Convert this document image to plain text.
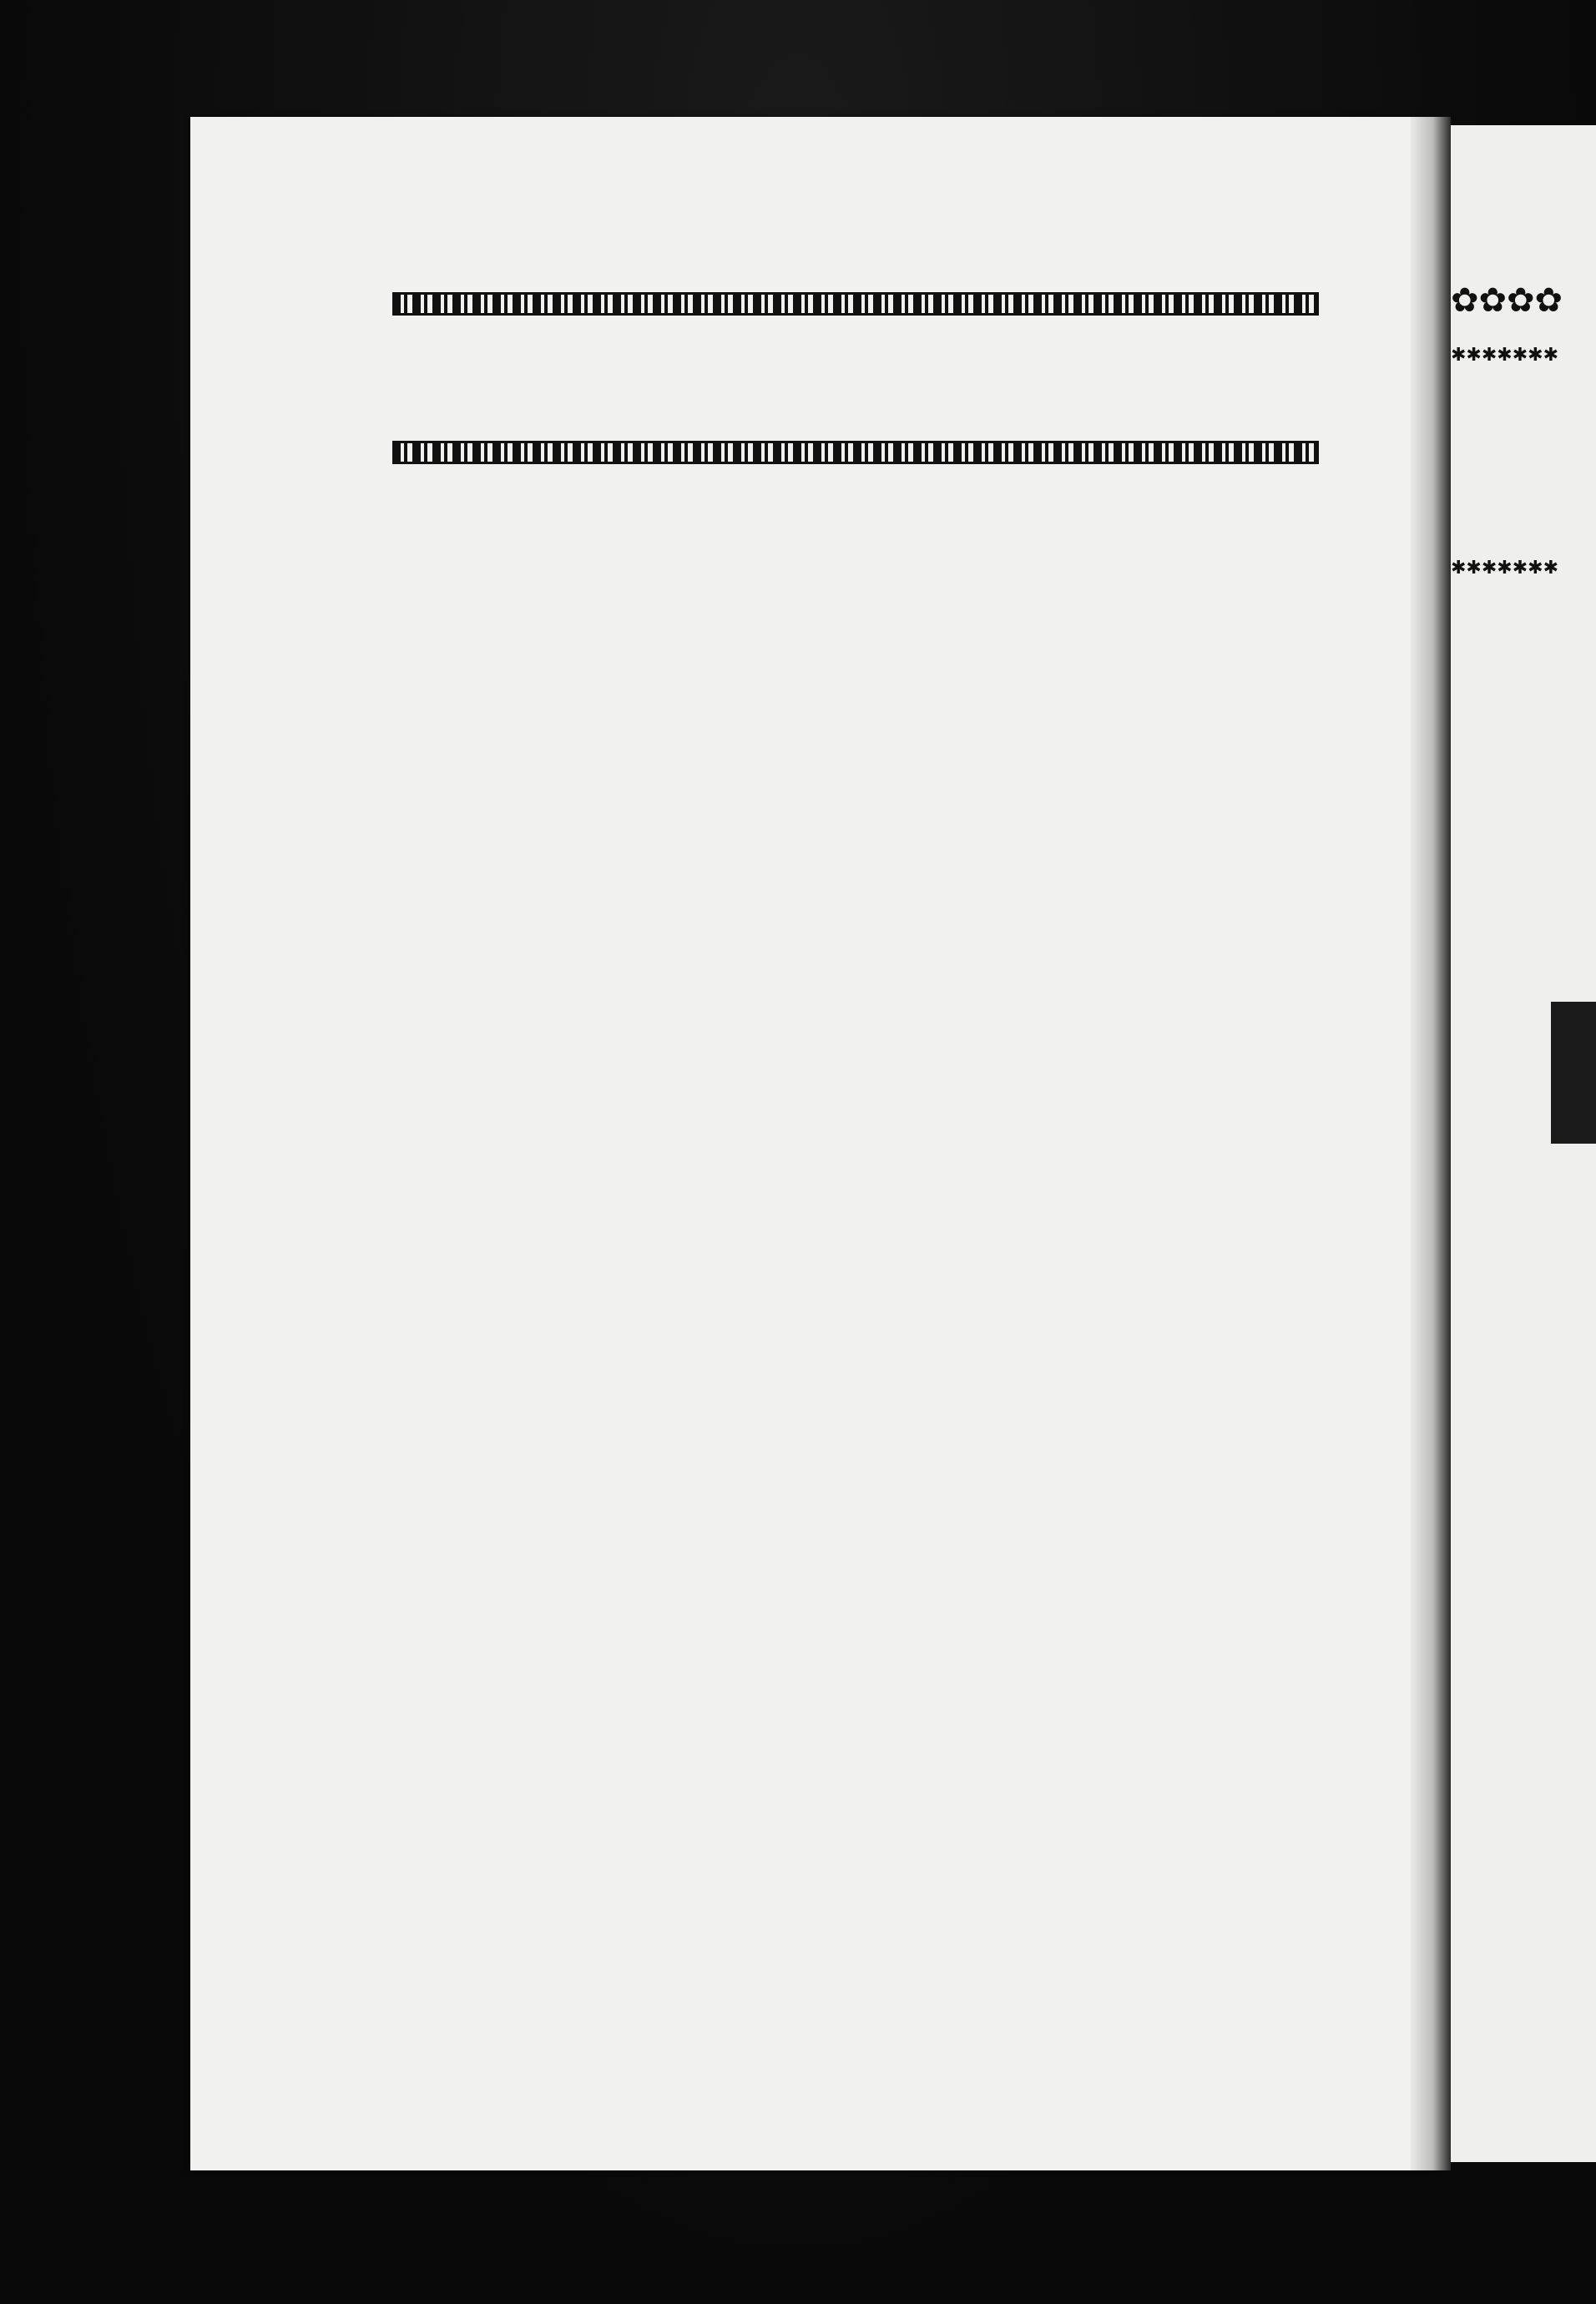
✿✿✿✿
✱✱✱✱✱✱✱
✱✱✱✱✱✱✱
